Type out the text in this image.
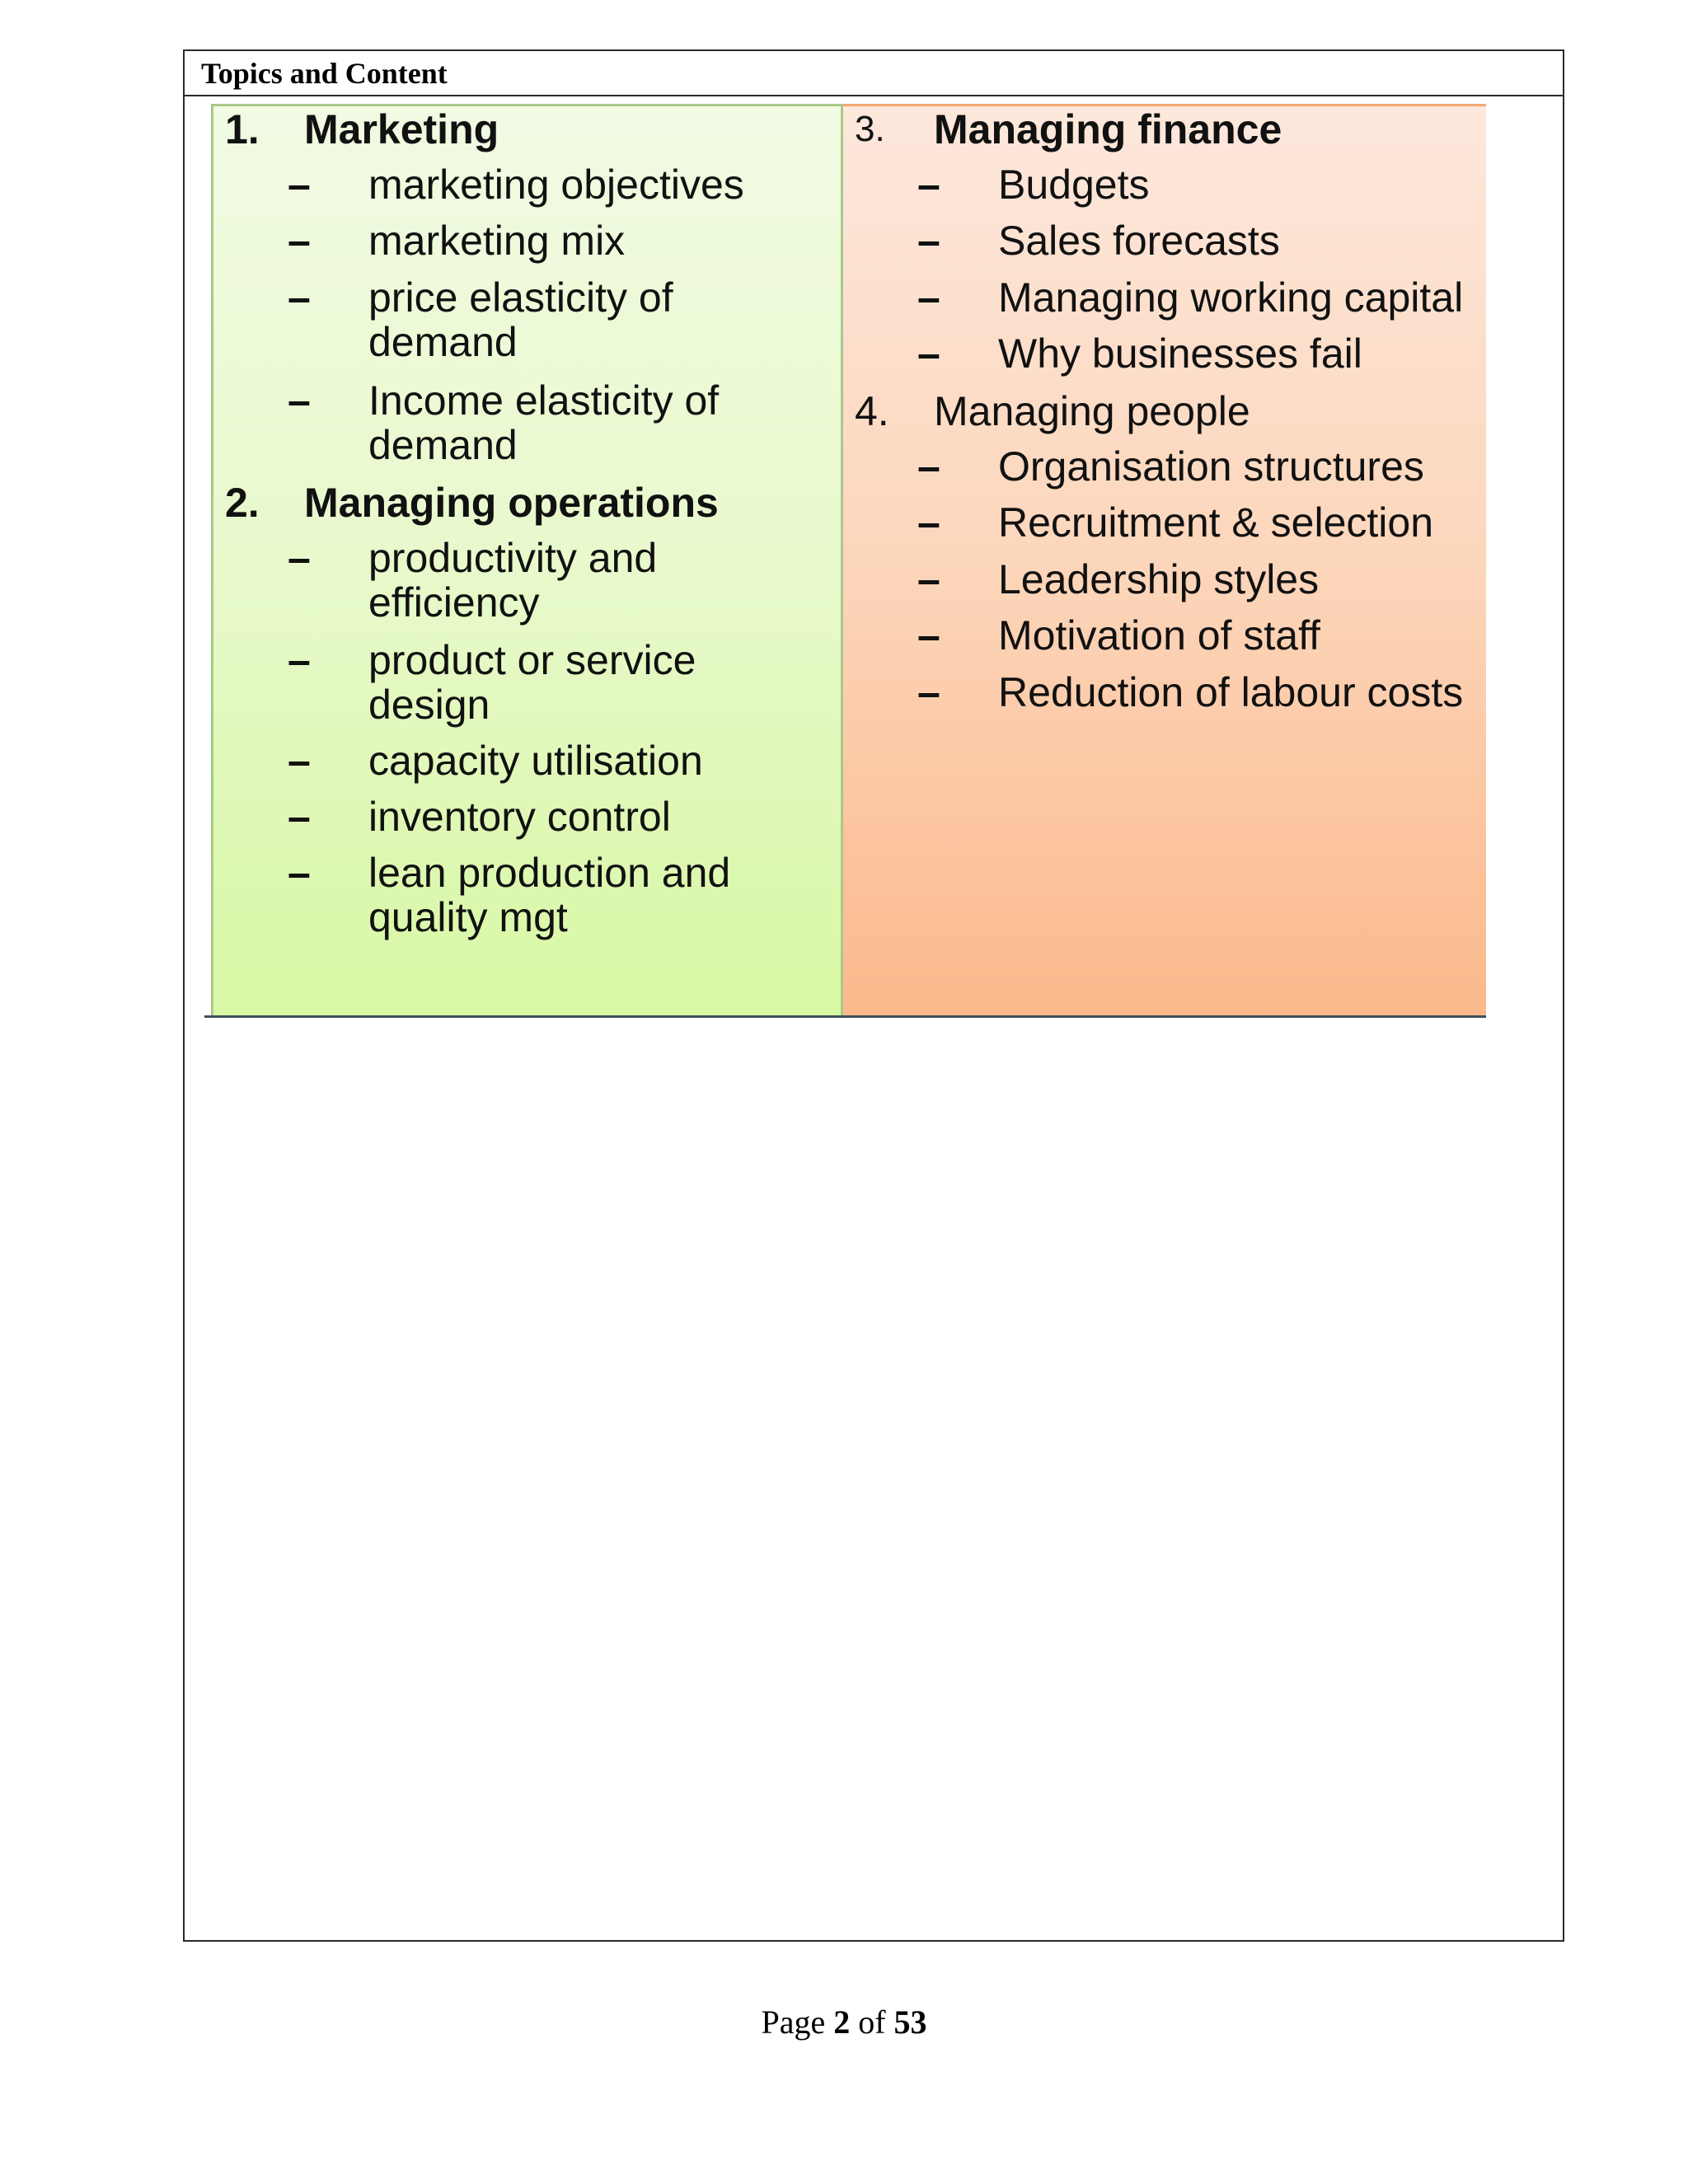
Topics and Content
1. Marketing
– marketing objectives
– marketing mix
– price elasticity of demand
– Income elasticity of demand
2. Managing operations
– productivity and efficiency
– product or service design
– capacity utilisation
– inventory control
– lean production and quality mgt
3. Managing finance
– Budgets
– Sales forecasts
– Managing working capital
– Why businesses fail
4. Managing people
– Organisation structures
– Recruitment & selection
– Leadership styles
– Motivation of staff
– Reduction of labour costs
Page 2 of 53
